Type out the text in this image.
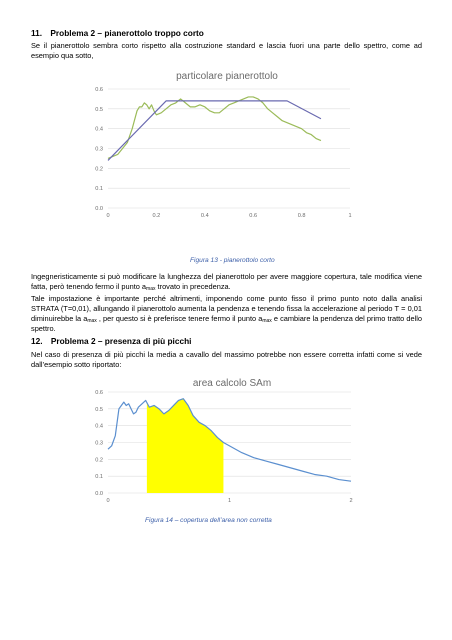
11. Problema 2 – pianerottolo troppo corto
Se il pianerottolo sembra corto rispetto alla costruzione standard e lascia fuori una parte dello spettro, come ad esempio qua sotto,
particolare pianerottolo
0.0
0.1
0.2
0.3
0.4
0.5
0.6
0	0.2	0.4	0.6	0.8	1
Figura 13 - pianerottolo corto
Ingegneristicamente si può modificare la lunghezza del pianerottolo per avere maggiore copertura, tale modifica viene fatta, però tenendo fermo il punto $a_{max}$ trovato in precedenza.
Tale impostazione è importante perché altrimenti, imponendo come punto fisso il primo punto noto dalla analisi STRATA (T=0,01), allungando il pianerottolo aumenta la pendenza e tenendo fissa la accelerazione al periodo T = 0,01 diminuirebbe la $a_{max}$ , per questo si è preferisce tenere fermo il punto $a_{max}$ e cambiare la pendenza del primo tratto dello spettro.
12. Problema 2 – presenza di più picchi
Nel caso di presenza di più picchi la media a cavallo del massimo potrebbe non essere corretta infatti come si vede dall’esempio sotto riportato:
area calcolo SAm
0.0
0.1
0.2
0.3
0.4
0.5
0.6
0	1	2
Figura 14 – copertura dell’area non corretta
